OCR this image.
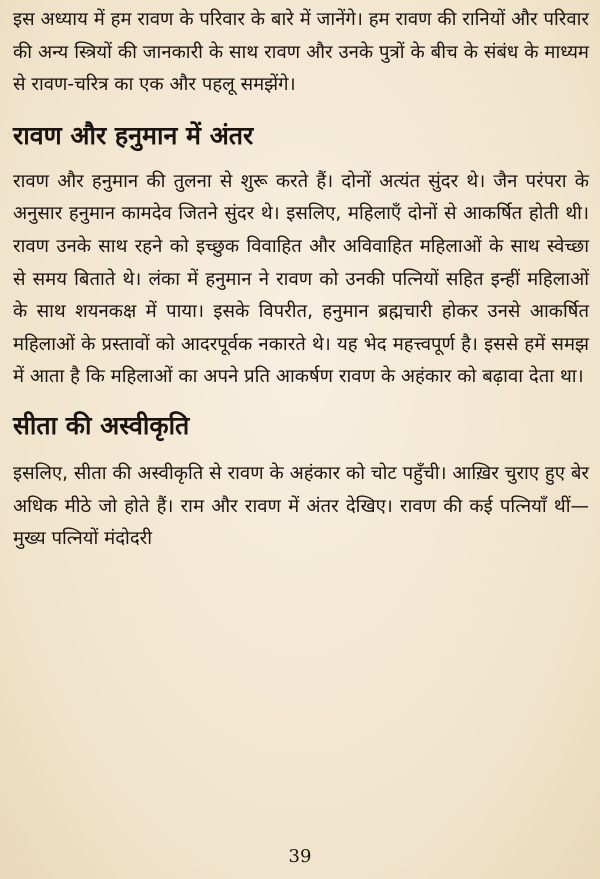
इस अध्याय में हम रावण के परिवार के बारे में जानेंगे। हम रावण की रानियों और परिवार की अन्य स्त्रियों की जानकारी के साथ रावण और उनके पुत्रों के बीच के संबंध के माध्यम से रावण-चरित्र का एक और पहलू समझेंगे।

रावण और हनुमान में अंतर

रावण और हनुमान की तुलना से शुरू करते हैं। दोनों अत्यंत सुंदर थे। जैन परंपरा के अनुसार हनुमान कामदेव जितने सुंदर थे। इसलिए, महिलाएँ दोनों से आकर्षित होती थी। रावण उनके साथ रहने को इच्छुक विवाहित और अविवाहित महिलाओं के साथ स्वेच्छा से समय बिताते थे। लंका में हनुमान ने रावण को उनकी पत्नियों सहित इन्हीं महिलाओं के साथ शयनकक्ष में पाया। इसके विपरीत, हनुमान ब्रह्मचारी होकर उनसे आकर्षित महिलाओं के प्रस्तावों को आदरपूर्वक नकारते थे। यह भेद महत्त्वपूर्ण है। इससे हमें समझ में आता है कि महिलाओं का अपने प्रति आकर्षण रावण के अहंकार को बढ़ावा देता था।

सीता की अस्वीकृति

इसलिए, सीता की अस्वीकृति से रावण के अहंकार को चोट पहुँची। आख़िर चुराए हुए बेर अधिक मीठे जो होते हैं। राम और रावण में अंतर देखिए। रावण की कई पत्नियाँ थीं—मुख्य पत्नियों मंदोदरी

39
